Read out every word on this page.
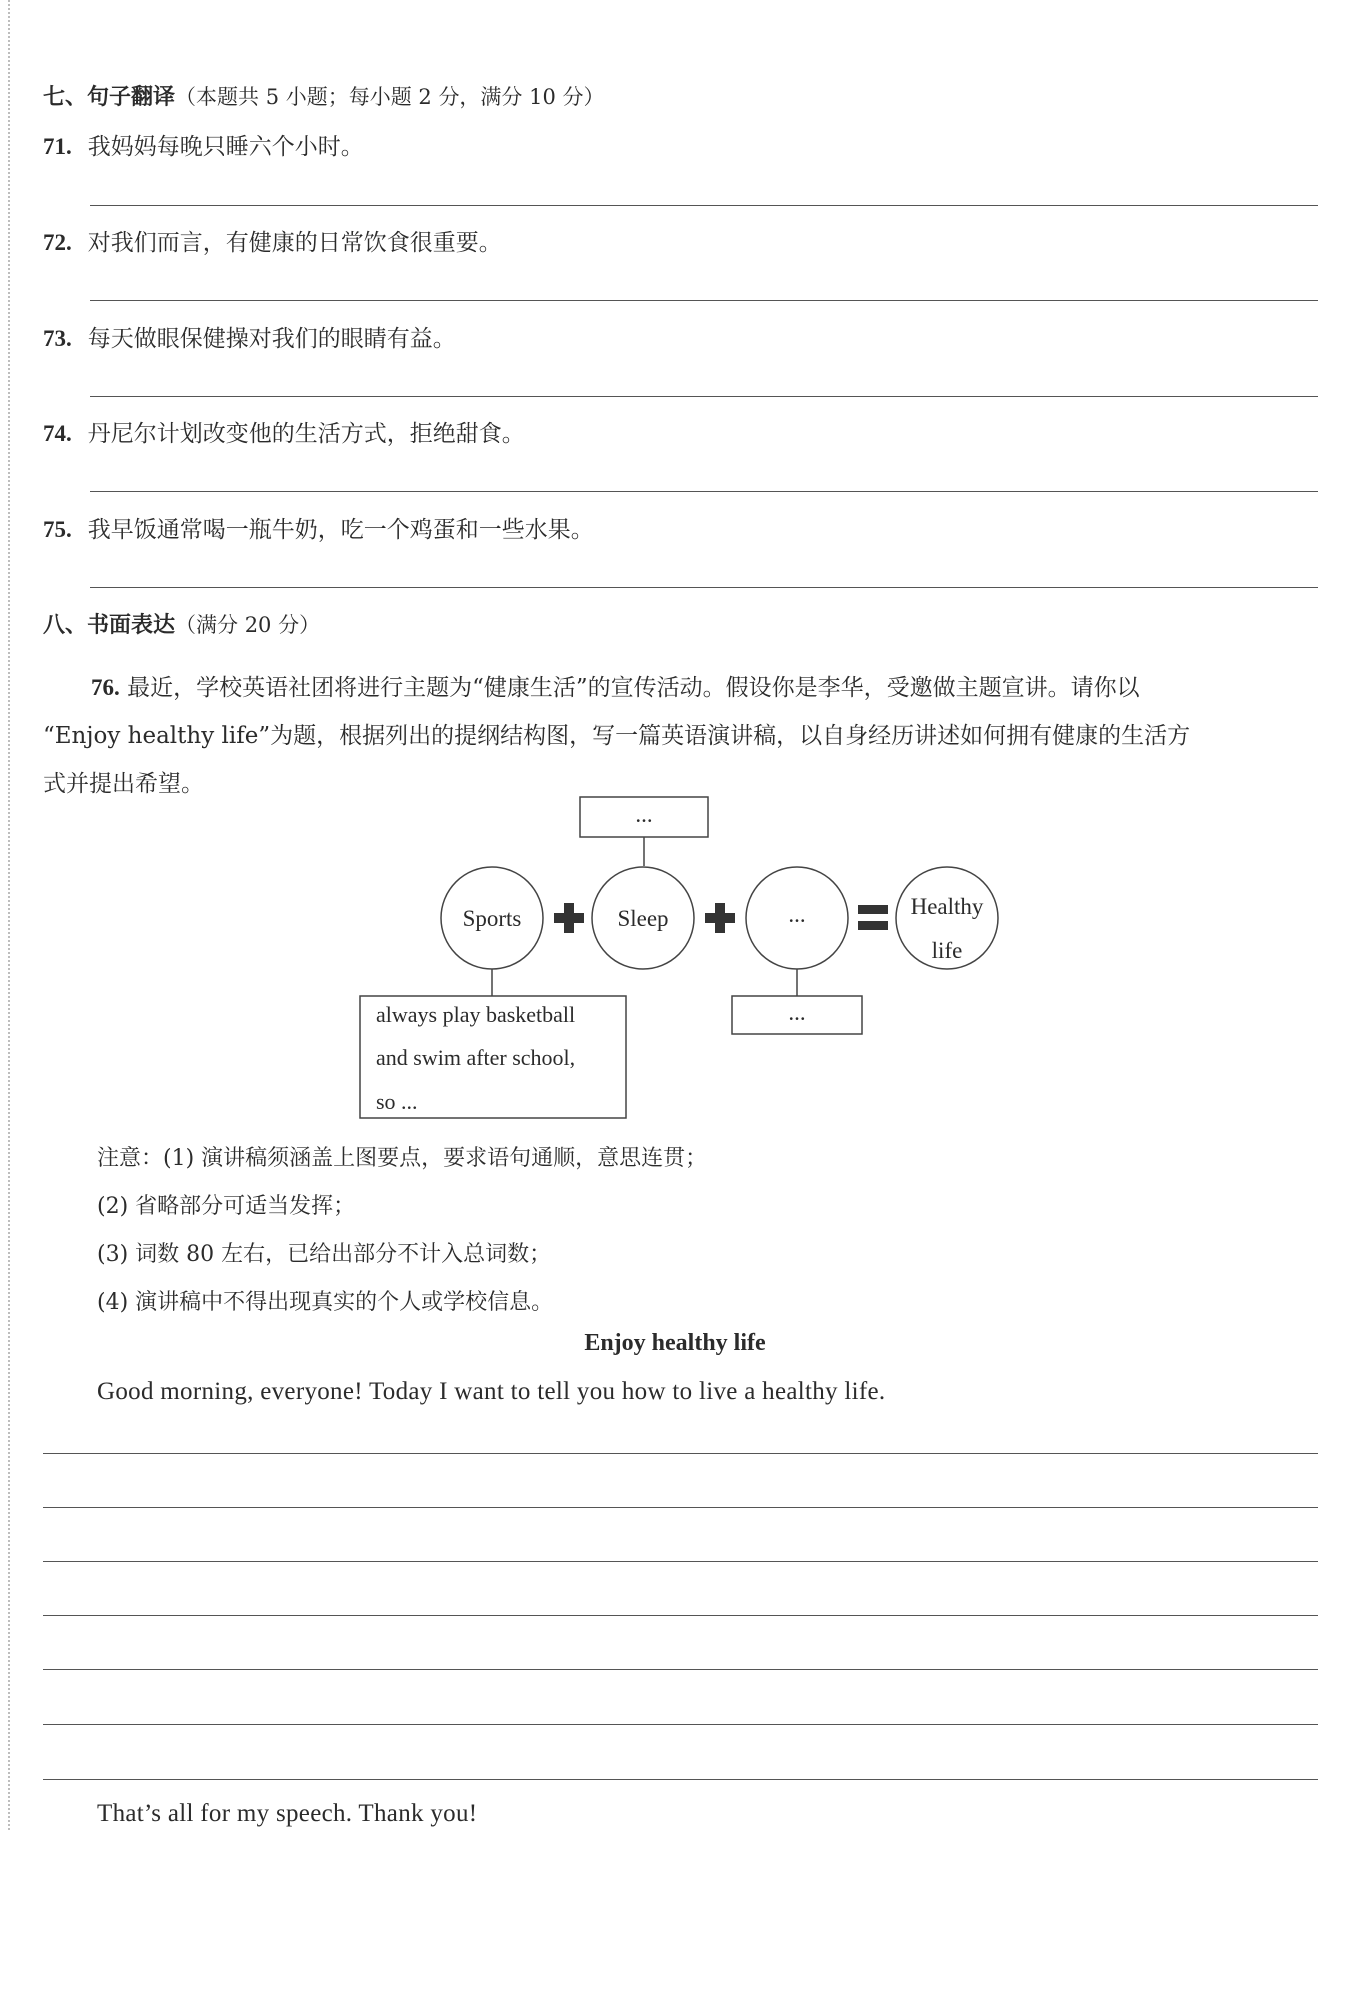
七、句子翻译（本题共 5 小题；每小题 2 分，满分 10 分）
71. 我妈妈每晚只睡六个小时。
72. 对我们而言，有健康的日常饮食很重要。
73. 每天做眼保健操对我们的眼睛有益。
74. 丹尼尔计划改变他的生活方式，拒绝甜食。
75. 我早饭通常喝一瓶牛奶，吃一个鸡蛋和一些水果。
八、书面表达（满分 20 分）
76. 最近，学校英语社团将进行主题为“健康生活”的宣传活动。假设你是李华，受邀做主题宣讲。请你以
“Enjoy healthy life”为题，根据列出的提纲结构图，写一篇英语演讲稿，以自身经历讲述如何拥有健康的生活方
式并提出希望。
...
Sports	Sleep	...	Healthy
life
...
always play basketball
and swim after school,
so ...
注意：(1) 演讲稿须涵盖上图要点，要求语句通顺，意思连贯；
(2) 省略部分可适当发挥；
(3) 词数 80 左右，已给出部分不计入总词数；
(4) 演讲稿中不得出现真实的个人或学校信息。
Enjoy healthy life
Good morning, everyone! Today I want to tell you how to live a healthy life.
That’s all for my speech. Thank you!
